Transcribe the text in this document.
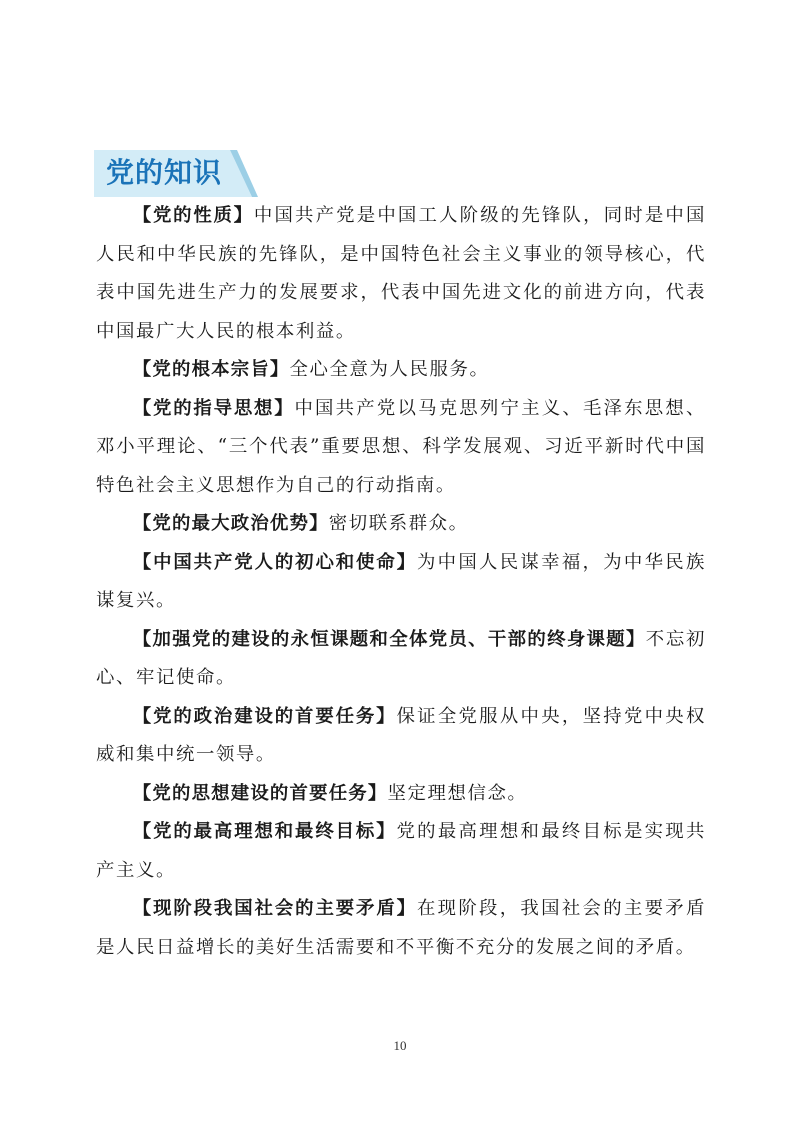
党的知识

【党的性质】中国共产党是中国工人阶级的先锋队，同时是中国人民和中华民族的先锋队，是中国特色社会主义事业的领导核心，代表中国先进生产力的发展要求，代表中国先进文化的前进方向，代表中国最广大人民的根本利益。

【党的根本宗旨】全心全意为人民服务。

【党的指导思想】中国共产党以马克思列宁主义、毛泽东思想、邓小平理论、“三个代表”重要思想、科学发展观、习近平新时代中国特色社会主义思想作为自己的行动指南。

【党的最大政治优势】密切联系群众。

【中国共产党人的初心和使命】为中国人民谋幸福，为中华民族谋复兴。

【加强党的建设的永恒课题和全体党员、干部的终身课题】不忘初心、牢记使命。

【党的政治建设的首要任务】保证全党服从中央，坚持党中央权威和集中统一领导。

【党的思想建设的首要任务】坚定理想信念。

【党的最高理想和最终目标】党的最高理想和最终目标是实现共产主义。

【现阶段我国社会的主要矛盾】在现阶段，我国社会的主要矛盾是人民日益增长的美好生活需要和不平衡不充分的发展之间的矛盾。

10
